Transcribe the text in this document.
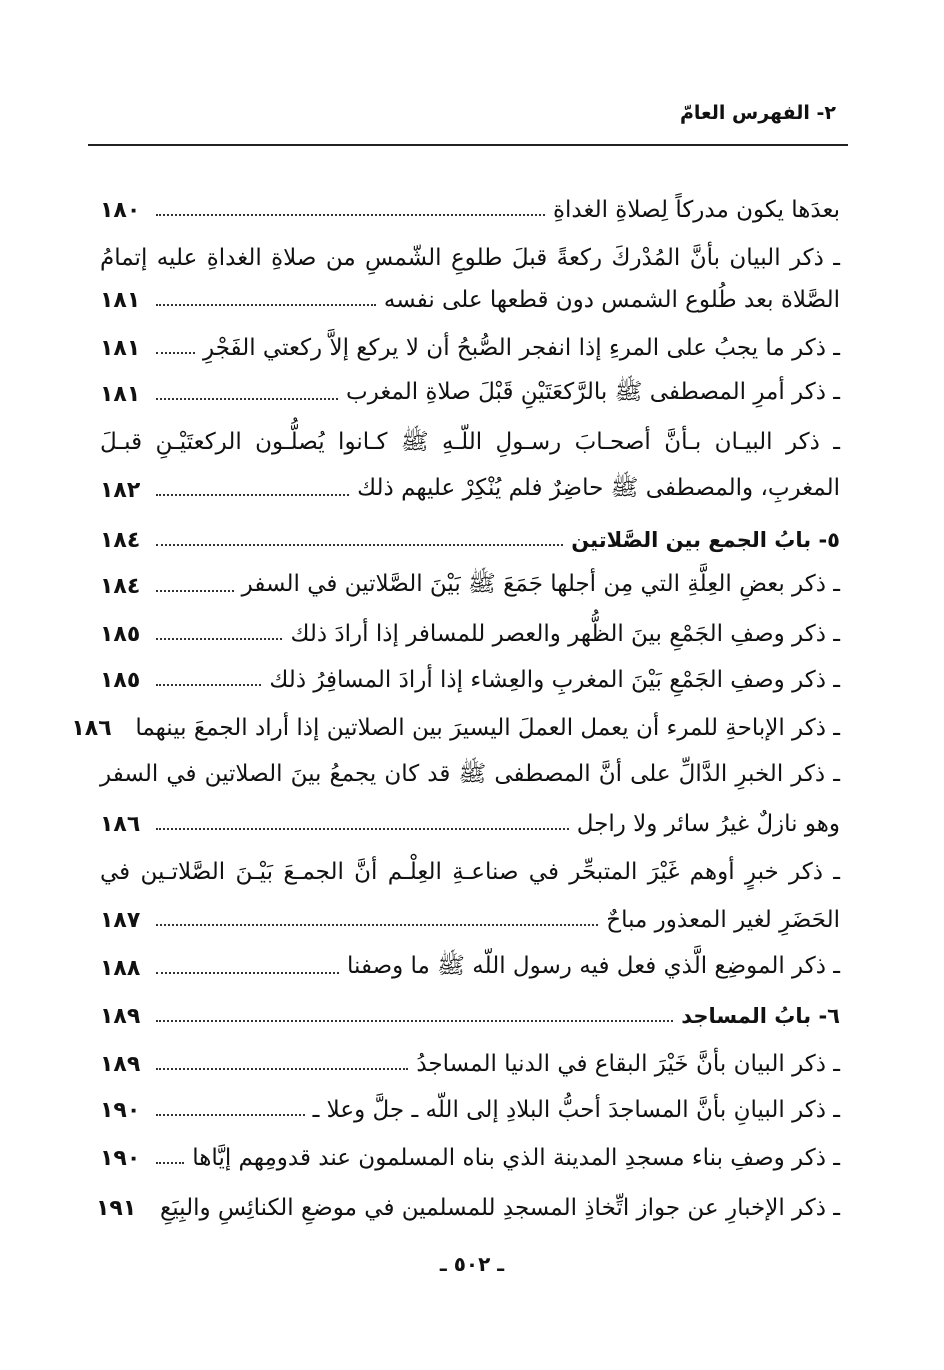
٢- الفهرس العامّ
بعدَها يكون مدركاً لِصلاةِ الغداةِ
١٨٠
ـ ذكر البيان بأنَّ المُدْركَ ركعةً قبلَ طلوعِ الشّمسِ من صلاةِ الغداةِ عليه إتمامُ
الصَّلاة بعد طُلوع الشمس دون قطعها على نفسه
١٨١
ـ ذكر ما يجبُ على المرءِ إذا انفجر الصُّبحُ أن لا يركع إلاَّ ركعتي الفَجْرِ
١٨١
ـ ذكر أمرِ المصطفى ﷺ بالرَّكعَتَيْنِ قَبْلَ صلاةِ المغرب
١٨١
ـ ذكر البيـان بـأنَّ أصحـابَ رسـولِ اللّـهِ ﷺ كـانوا يُصلُّـون الركعتَيْـنِ قبـلَ
المغربِ، والمصطفى ﷺ حاضِرٌ فلم يُنْكِرْ عليهم ذلك
١٨٢
٥- بابُ الجمع بين الصَّلاتين
١٨٤
ـ ذكر بعضِ العِلَّةِ التي مِن أجلها جَمَعَ ﷺ بَيْنَ الصَّلاتين في السفر
١٨٤
ـ ذكر وصفِ الجَمْعِ بينَ الظُّهر والعصر للمسافر إذا أرادَ ذلك
١٨٥
ـ ذكر وصفِ الجَمْعِ بَيْنَ المغربِ والعِشاء إذا أرادَ المسافِرُ ذلك
١٨٥
ـ ذكر الإباحةِ للمرء أن يعمل العملَ اليسيرَ بين الصلاتين إذا أراد الجمعَ بينهما
١٨٦
ـ ذكر الخبرِ الدَّالِّ على أنَّ المصطفى ﷺ قد كان يجمعُ بينَ الصلاتين في السفر
وهو نازلٌ غيرُ سائر ولا راجل
١٨٦
ـ ذكر خبرٍ أوهم غَيْرَ المتبحِّر في صناعـةِ العِلْـم أنَّ الجمـعَ بَيْـنَ الصَّلاتـين في
الحَضَرِ لغير المعذور مباحٌ
١٨٧
ـ ذكر الموضِع الَّذي فعل فيه رسول اللّه ﷺ ما وصفنا
١٨٨
٦- بابُ المساجد
١٨٩
ـ ذكر البيان بأنَّ خَيْرَ البقاع في الدنيا المساجدُ
١٨٩
ـ ذكر البيانِ بأنَّ المساجدَ أحبُّ البلادِ إلى اللّه ـ جلَّ وعلا ـ
١٩٠
ـ ذكر وصفِ بناء مسجدِ المدينة الذي بناه المسلمون عند قدومِهم إيَّاها
١٩٠
ـ ذكر الإخبارِ عن جواز اتِّخاذِ المسجدِ للمسلمين في موضعِ الكنائِسِ والبِيَعِ
١٩١
ـ ٥٠٢ ـ
